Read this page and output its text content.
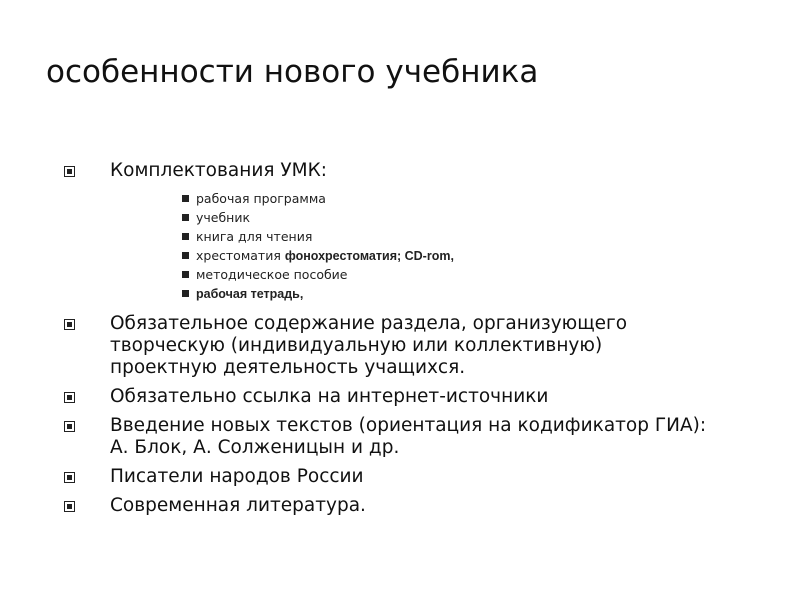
особенности нового учебника
Комплектования УМК:
рабочая программа
учебник
книга для чтения
хрестоматия фонохрестоматия; CD-rom,
методическое пособие
рабочая тетрадь,
Обязательное содержание раздела, организующего творческую (индивидуальную или коллективную) проектную деятельность учащихся.
Обязательно ссылка на интернет-источники
Введение новых текстов (ориентация на кодификатор ГИА): А. Блок, А. Солженицын и др.
Писатели народов России
Современная литература.
